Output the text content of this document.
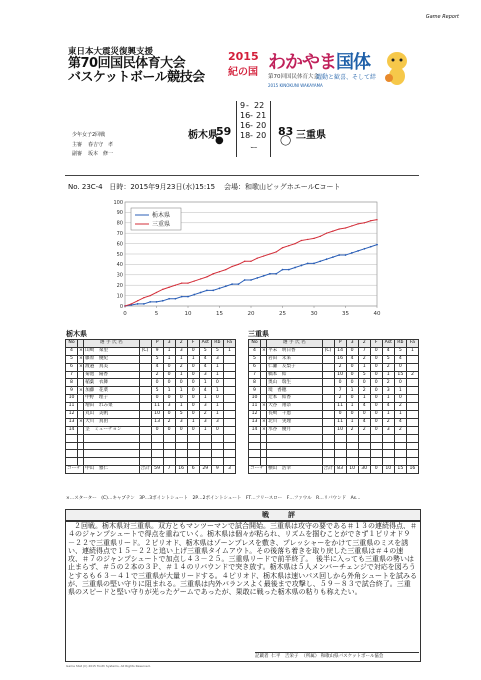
Game Report
東日本大震災復興支援
第70回国民体育大会
バスケットボール競技会
2015
紀の国 わかやま国体
第70回国民体育大会
躍動と歓喜、そして絆
2015 KINOKUNI WAKAYAMA
少年女子2回戦
主審 春吉守　孝
副審 坂本　修一
栃木県
59
●
83 三重県
◯
9 - 22
16 - 21
16 - 20
18 - 20
ー
No. 23C-4 日時：2015年9月23日(水)15:15 会場：和歌山ビッグホエールCコート
0
10
20
30
40
50
60
70
80
90
100
0	5	10	15	20	25	30	35	40
栃木県
三重県
栃木県	三重県
No		選 手 氏 名		P	3	2	F	Ast	Rb	Fa
4	×	山崎　栞里	(C)	9	1	3	0	5	5	1
5	×	藤原　優紀		5	1	1	1	4	3	
6	×	渡邉　真美		4	0	2	0	4	1	
7		菊池　陽香		2	0	1	0	3	1	
8		稲葉　衣舞		0	0	0	0	1	0	
9	×	加藤　花菜		5	1	1	0	4	1	
10		中野　理子		0	0	0	0	1	0	
11		増田　れみ菜		11	3	1	0	3	1	
12		丸山　美帆		10	0	5	0	2	1	
13	×	大川　真由		13	2	3	1	3	3	
14		茎　ミューチョン		0	0	0	0	1	0	

コーチ		中山　雅仁	合計	59	7	16	6	29	9	3
No		選 手 氏 名		P	3	2	F	Ast	Rb	Fa
4	×	平末　明日香	(C)	14	0	7	0	4	5	1
5		岩田　未来		16	4	2	0	5	4	
6		仁瀬　友梨子		2	0	1	0	2	0	
7		橋本　結		10	0	5	0	1	15	2
8		奥山　瑞生		0	0	0	0	2	0	
9		境　香穂		7	1	2	0	3	1	
10		辻本　結香		2	0	1	0	1	0	
11	×	大谷　翔奈		11	1	4	0	4	2	
12		長崎　千恵		0	0	0	0	1	1	
13	×	北川　実理		11	1	4	0	2	4	
14	×	水谷　優月		10	2	2	0	3	2	

コーチ		横山　浩幸	合計	83	10	30	0	10	15	16
×…スターター　(C)…キャプテン　3P…3ポイントシュート　2P…2ポイントシュート　FT…フリースロー　F…ファウル　R…リバウンド　As…
戦　評
２回戦。栃木県対三重県。双方ともマンツーマンで試合開始。三重県は攻守の要である＃１３の連続得点、＃４のジャンプシュートで得点を重ねていく。栃木県は個々が粘られ、リズムを掴むことができず１ピリオド９－２２で三重県リード。２ピリオド、栃木県はゾーンプレスを敷き、プレッシャーをかけて三重県のミスを誘い、連続得点で１５－２２と追い上げ三重県タイムアウト。その後落ち着きを取り戻した三重県は＃４の速攻、＃７のジャンプシュートで加点し４３－２５。三重県リードで前半終了。　後半に入っても三重県の勢いは止まらず、＃５の２本の３Ｐ、＃１４のリバウンドで突き放す。栃木県は５人メンバーチェンジで対応を図ろうとするも６３－４１で三重県が大量リードする。４ピリオド、栃木県は速いパス回しから外角シュートを試みるが、三重県の堅い守りに阻まれる。三重県は内外バランスよく最後まで攻撃し、５９－８３で試合終了。三重県のスピードと堅い守りが光ったゲームであったが、果敢に戦った栃木県の粘りも称えたい。
記載者 仁平　吉栄子 （所属） 和歌山県バスケットボール協会
Game Stat (C) 2015 Tooth Systems, All Rights Reserved.
